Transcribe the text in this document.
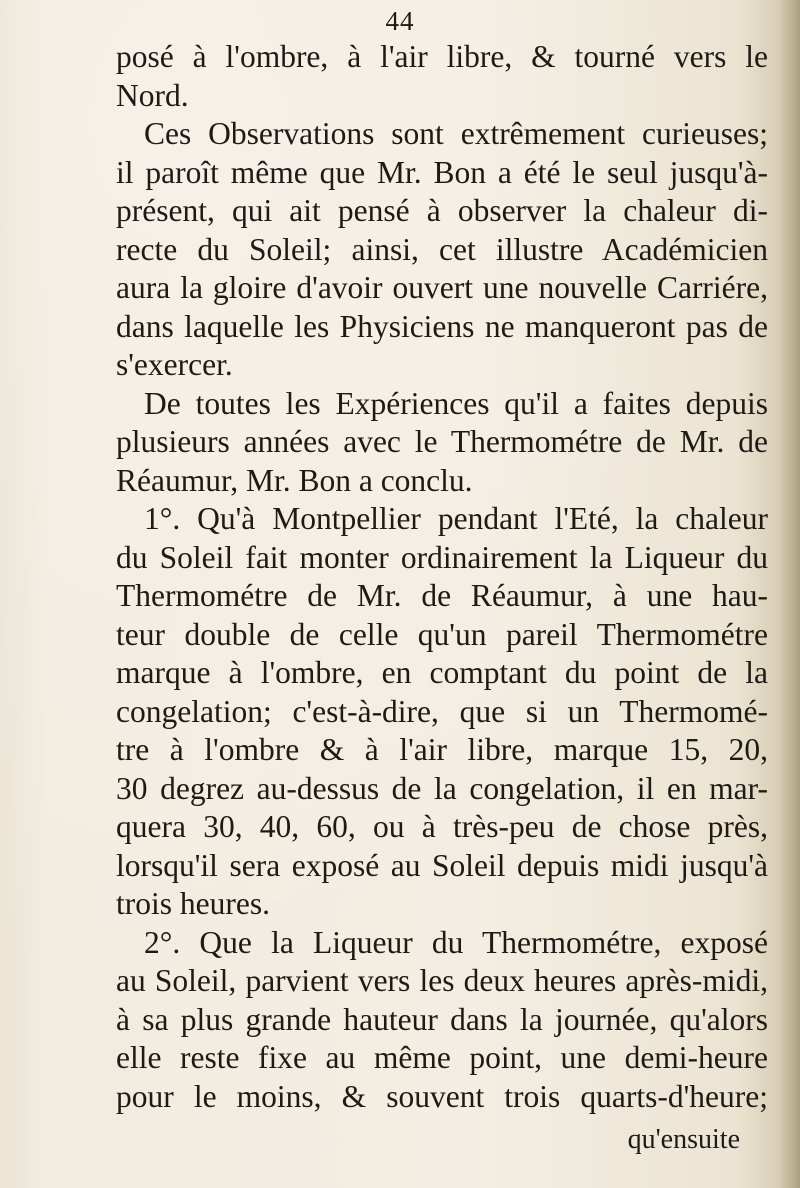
44
posé à l'ombre, à l'air libre, & tourné vers le
Nord.
Ces Observations sont extrêmement curieuses;
il paroît même que Mr. Bon a été le seul jusqu'à-
présent, qui ait pensé à observer la chaleur di-
recte du Soleil; ainsi, cet illustre Académicien
aura la gloire d'avoir ouvert une nouvelle Carriére,
dans laquelle les Physiciens ne manqueront pas de
s'exercer.
De toutes les Expériences qu'il a faites depuis
plusieurs années avec le Thermométre de Mr. de
Réaumur, Mr. Bon a conclu.
1°. Qu'à Montpellier pendant l'Eté, la chaleur
du Soleil fait monter ordinairement la Liqueur du
Thermométre de Mr. de Réaumur, à une hau-
teur double de celle qu'un pareil Thermométre
marque à l'ombre, en comptant du point de la
congelation; c'est-à-dire, que si un Thermomé-
tre à l'ombre & à l'air libre, marque 15, 20,
30 degrez au-dessus de la congelation, il en mar-
quera 30, 40, 60, ou à très-peu de chose près,
lorsqu'il sera exposé au Soleil depuis midi jusqu'à
trois heures.
2°. Que la Liqueur du Thermométre, exposé
au Soleil, parvient vers les deux heures après-midi,
à sa plus grande hauteur dans la journée, qu'alors
elle reste fixe au même point, une demi-heure
pour le moins, & souvent trois quarts-d'heure;
qu'ensuite
